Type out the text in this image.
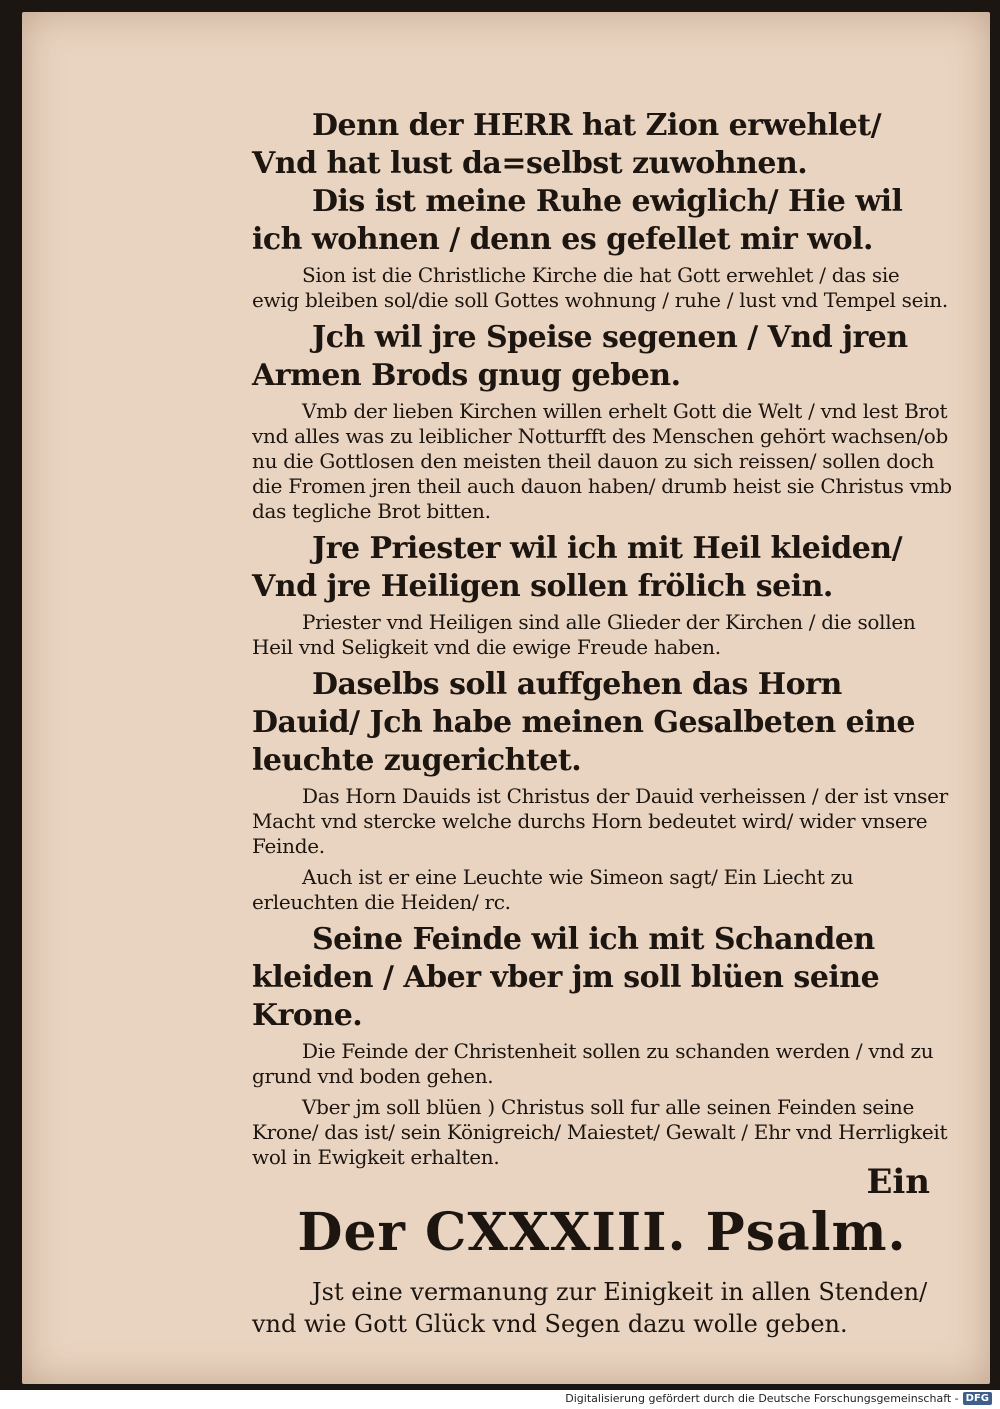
Denn der HERR hat Zion erwehlet/ Vnd hat lust da=selbst zuwohnen.

Dis ist meine Ruhe ewiglich/ Hie wil ich wohnen / denn es gefellet mir wol.

Sion ist die Christliche Kirche die hat Gott erwehlet / das sie ewig bleiben sol/die soll Gottes wohnung / ruhe / lust vnd Tempel sein.

Jch wil jre Speise segenen / Vnd jren Armen Brods gnug geben.

Vmb der lieben Kirchen willen erhelt Gott die Welt / vnd lest Brot vnd alles was zu leiblicher Notturfft des Menschen gehört wachsen/ob nu die Gottlosen den meisten theil dauon zu sich reissen/ sollen doch die Fromen jren theil auch dauon haben/ drumb heist sie Christus vmb das tegliche Brot bitten.

Jre Priester wil ich mit Heil kleiden/ Vnd jre Heiligen sollen frölich sein.

Priester vnd Heiligen sind alle Glieder der Kirchen / die sollen Heil vnd Seligkeit vnd die ewige Freude haben.

Daselbs soll auffgehen das Horn Dauid/ Jch habe meinen Gesalbeten eine leuchte zugerichtet.

Das Horn Dauids ist Christus der Dauid verheissen / der ist vnser Macht vnd stercke welche durchs Horn bedeutet wird/ wider vnsere Feinde.

Auch ist er eine Leuchte wie Simeon sagt/ Ein Liecht zu erleuchten die Heiden/ rc.

Seine Feinde wil ich mit Schanden kleiden / Aber vber jm soll blüen seine Krone.

Die Feinde der Christenheit sollen zu schanden werden / vnd zu grund vnd boden gehen.

Vber jm soll blüen ) Christus soll fur alle seinen Feinden seine Krone/ das ist/ sein Königreich/ Maiestet/ Gewalt / Ehr vnd Herrligkeit wol in Ewigkeit erhalten.

Der CXXXIII. Psalm.

Jst eine vermanung zur Einigkeit in allen Stenden/ vnd wie Gott Glück vnd Segen dazu wolle geben.

Ein
Digitalisierung gefördert durch die Deutsche Forschungsgemeinschaft - DFG
